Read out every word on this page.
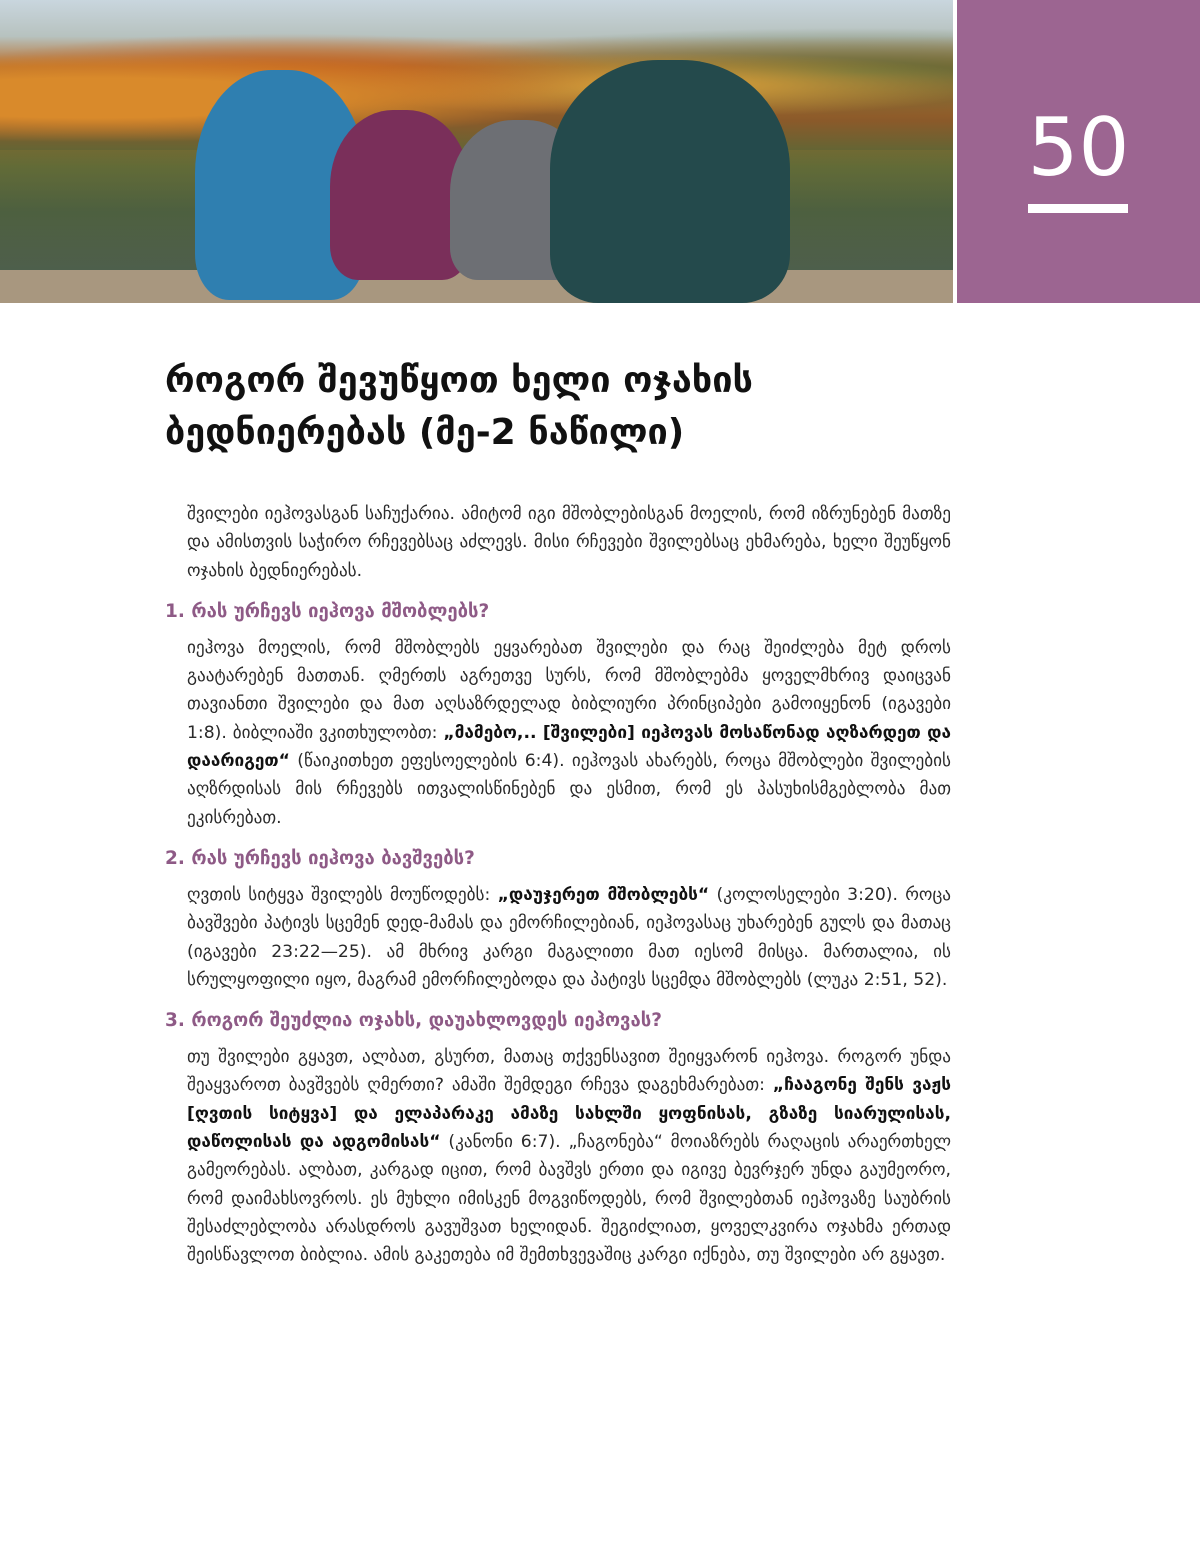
50
როგორ შევუწყოთ ხელი ოჯახის ბედნიერებას (მე-2 ნაწილი)

შვილები იეჰოვასგან საჩუქარია. ამიტომ იგი მშობლებისგან მოელის, რომ იზრუნებენ მათზე და ამისთვის საჭირო რჩევებსაც აძლევს. მისი რჩევები შვილებსაც ეხმარება, ხელი შეუწყონ ოჯახის ბედნიერებას.

1. რას ურჩევს იეჰოვა მშობლებს?

იეჰოვა მოელის, რომ მშობლებს ეყვარებათ შვილები და რაც შეიძლება მეტ დროს გაატარებენ მათთან. ღმერთს აგრეთვე სურს, რომ მშობლებმა ყოველმხრივ დაიცვან თავიანთი შვილები და მათ აღსაზრდელად ბიბლიური პრინციპები გამოიყენონ (იგავები 1:8). ბიბლიაში ვკითხულობთ: „მამებო,.. [შვილები] იეჰოვას მოსაწონად აღზარდეთ და დაარიგეთ“ (წაიკითხეთ ეფესოელების 6:4). იეჰოვას ახარებს, როცა მშობლები შვილების აღზრდისას მის რჩევებს ითვალისწინებენ და ესმით, რომ ეს პასუხისმგებლობა მათ ეკისრებათ.

2. რას ურჩევს იეჰოვა ბავშვებს?

ღვთის სიტყვა შვილებს მოუწოდებს: „დაუჯერეთ მშობლებს“ (კოლოსელები 3:20). როცა ბავშვები პატივს სცემენ დედ-მამას და ემორჩილებიან, იეჰოვასაც უხარებენ გულს და მათაც (იგავები 23:22—25). ამ მხრივ კარგი მაგალითი მათ იესომ მისცა. მართალია, ის სრულყოფილი იყო, მაგრამ ემორჩილებოდა და პატივს სცემდა მშობლებს (ლუკა 2:51, 52).

3. როგორ შეუძლია ოჯახს, დაუახლოვდეს იეჰოვას?

თუ შვილები გყავთ, ალბათ, გსურთ, მათაც თქვენსავით შეიყვარონ იეჰოვა. როგორ უნდა შეაყვაროთ ბავშვებს ღმერთი? ამაში შემდეგი რჩევა დაგეხმარებათ: „ჩააგონე შენს ვაჟს [ღვთის სიტყვა] და ელაპარაკე ამაზე სახლში ყოფნისას, გზაზე სიარულისას, დაწოლისას და ადგომისას“ (კანონი 6:7). „ჩაგონება“ მოიაზრებს რაღაცის არაერთხელ გამეორებას. ალბათ, კარგად იცით, რომ ბავშვს ერთი და იგივე ბევრჯერ უნდა გაუმეორო, რომ დაიმახსოვროს. ეს მუხლი იმისკენ მოგვიწოდებს, რომ შვილებთან იეჰოვაზე საუბრის შესაძლებლობა არასდროს გავუშვათ ხელიდან. შეგიძლიათ, ყოველკვირა ოჯახმა ერთად შეისწავლოთ ბიბლია. ამის გაკეთება იმ შემთხვევაშიც კარგი იქნება, თუ შვილები არ გყავთ.
